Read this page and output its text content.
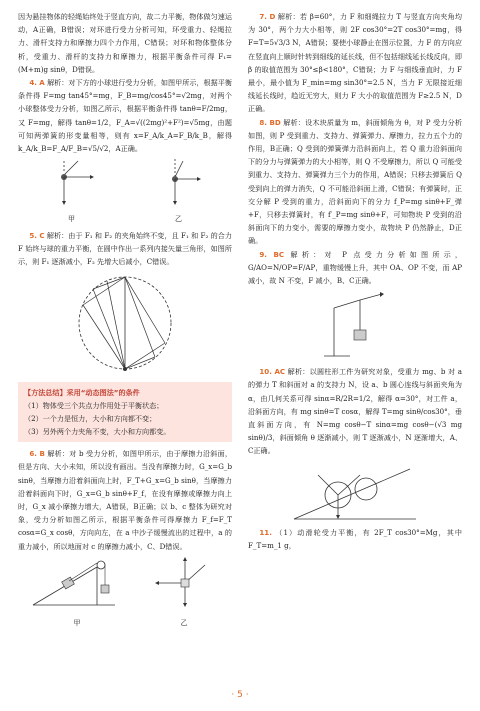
因为悬挂物体的轻绳始终处于竖直方向，故二力平衡，物体做匀速运动，A正确，B错误；对环进行受力分析可知，环受重力、轻绳拉力、滑杆支持力和摩擦力四个力作用，C错误；对环和物体整体分析，受重力、滑杆的支持力和摩擦力，根据平衡条件可得 F₁=(M+m)g sinθ，D错误。

4. A 解析：对下方的小球进行受力分析，如图甲所示，根据平衡条件得 F=mg tan45°=mg，F_B=mg/cos45°=√2mg，对两个小球整体受力分析，如图乙所示，根据平衡条件得 tanθ=F/2mg，又 F=mg，解得 tanθ=1/2，F_A=√((2mg)²+F²)=√5mg，由题可知两弹簧的形变量相等，则有 x=F_A/k_A=F_B/k_B，解得 k_A/k_B=F_A/F_B=√5/√2，A正确。

甲	乙

5. C 解析：由于 F₁ 和 F₂ 的夹角始终不变，且 F₁ 和 F₂ 的合力 F 始终与球的重力平衡，在圆中作出一系列内接矢量三角形，如图所示，则 F₁ 逐渐减小，F₂ 先增大后减小，C错误。

【方法总结】采用“动态图法”的条件
（1）物体受三个共点力作用处于平衡状态；
（2）一个力是恒力，大小和方向都不变；
（3）另外两个力夹角不变，大小和方向都变。

6. B 解析：对 b 受力分析，如图甲所示，由于摩擦力沿斜面，但是方向、大小未知，所以没有画出。当没有摩擦力时，G_x=G_b sinθ，当摩擦力沿着斜面向上时，F_T+G_x=G_b sinθ，当摩擦力沿着斜面向下时，G_x=G_b sinθ+F_f，在没有摩擦或摩擦力向上时，G_x 减小摩擦力增大，A错误，B正确；以 b、c 整体为研究对象，受力分析如图乙所示，根据平衡条件可得摩擦力 F_f=F_T cosα=G_x cosθ，方向向左，在 a 中沙子缓慢流出的过程中，a 的重力减小，所以地面对 c 的摩擦力减小，C、D错误。

甲	乙

7. D 解析：若 β=60°，力 F 和细绳拉力 T 与竖直方向夹角均为 30°，两个力大小相等，则 2F cos30°=2T cos30°=mg，得 F=T=5√3/3 N，A错误；要使小球静止在图示位置，力 F 的方向应在竖直向上顺时针转到细线的延长线，但不包括细线延长线反向，即 β 的取值范围为 30°≤β<180°，C错误；力 F 与细线垂直时，力 F 最小，最小值为 F_min=mg sin30°=2.5 N，当力 F 无限接近细线延长线时，趋近无穷大，则力 F 大小的取值范围为 F≥2.5 N，D正确。

8. BD 解析：设木块质量为 m，斜面倾角为 θ，对 P 受力分析如图，则 P 受到重力、支持力、弹簧弹力、摩擦力，拉力五个力的作用，B正确；Q 受到的弹簧弹力沿斜面向上，若 Q 重力沿斜面向下的分力与弹簧弹力的大小相等，则 Q 不受摩擦力，所以 Q 可能受到重力、支持力、弹簧弹力三个力的作用，A错误；只移去弹簧后 Q 受到向上的弹力消失，Q 不可能沿斜面上滑，C错误；有弹簧时，正交分解 P 受到的重力，沿斜面向下的分力 f_P=mg sinθ+F_弹+F，只移去弹簧时，有 f′_P=mg sinθ+F，可知物块 P 受到的沿斜面向下的力变小，需要的摩擦力变小，故物块 P 仍然静止，D正确。

9. BC 解析：对 P 点受力分析如图所示，G/AO=N/OP=F/AP，重物缓慢上升，其中 OA、OP 不变，而 AP 减小，故 N 不变，F 减小，B、C正确。

10. AC 解析：以圆柱形工件为研究对象，受重力 mg、b 对 a 的弹力 T 和斜面对 a 的支持力 N，设 a、b 圆心连线与斜面夹角为 α，由几何关系可得 sinα=R/2R=1/2，解得 α=30°，对工件 a，沿斜面方向，有 mg sinθ=T cosα，解得 T=mg sinθ/cos30°，垂直斜面方向，有 N=mg cosθ−T sinα=mg cosθ−(√3 mg sinθ)/3，斜面倾角 θ 逐渐减小，则 T 逐渐减小，N 逐渐增大，A、C正确。

11. （1）动滑轮受力平衡，有 2F_T cos30°=Mg，其中 F_T=m_1 g，

· 5 ·
